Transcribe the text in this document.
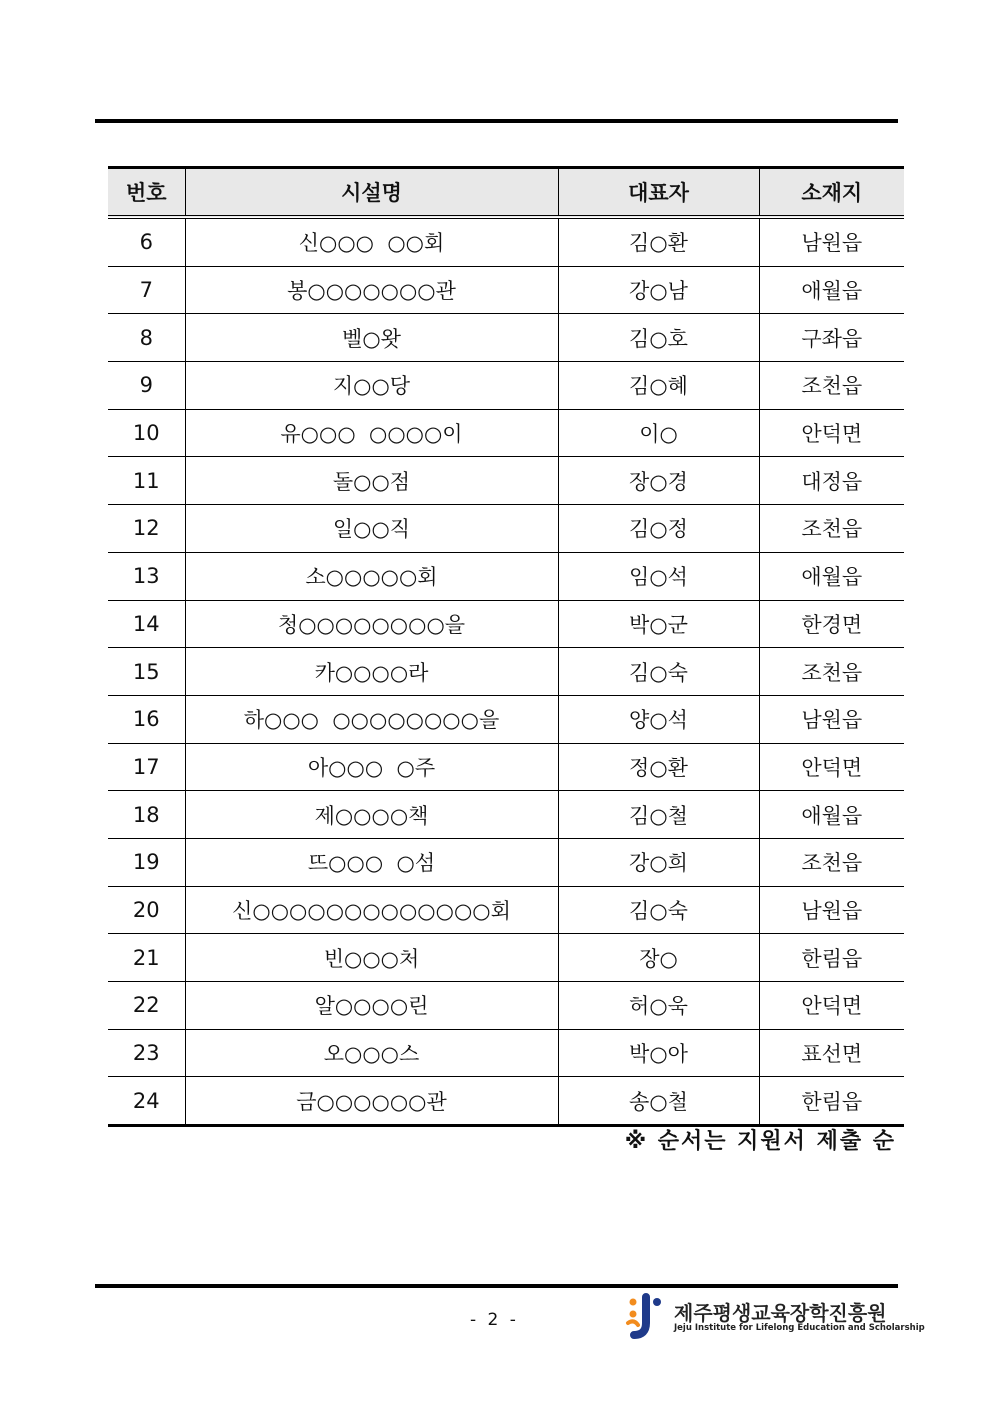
번호	시설명	대표자	소재지
6	신○○○  ○○회	김○환	남원읍
7	봉○○○○○○○관	강○남	애월읍
8	벨○왓	김○호	구좌읍
9	지○○당	김○혜	조천읍
10	유○○○  ○○○○이	이○	안덕면
11	돌○○점	장○경	대정읍
12	일○○직	김○정	조천읍
13	소○○○○○회	임○석	애월읍
14	청○○○○○○○○을	박○군	한경면
15	카○○○○라	김○숙	조천읍
16	하○○○  ○○○○○○○○을	양○석	남원읍
17	아○○○  ○주	정○환	안덕면
18	제○○○○책	김○철	애월읍
19	뜨○○○  ○섬	강○희	조천읍
20	신○○○○○○○○○○○○○회	김○숙	남원읍
21	빈○○○처	장○	한림읍
22	알○○○○린	허○욱	안덕면
23	오○○○스	박○아	표선면
24	금○○○○○○관	송○철	한림읍
※ 순서는 지원서 제출 순
- 2 -	제주평생교육장학진흥원
Jeju Institute for Lifelong Education and Scholarship
